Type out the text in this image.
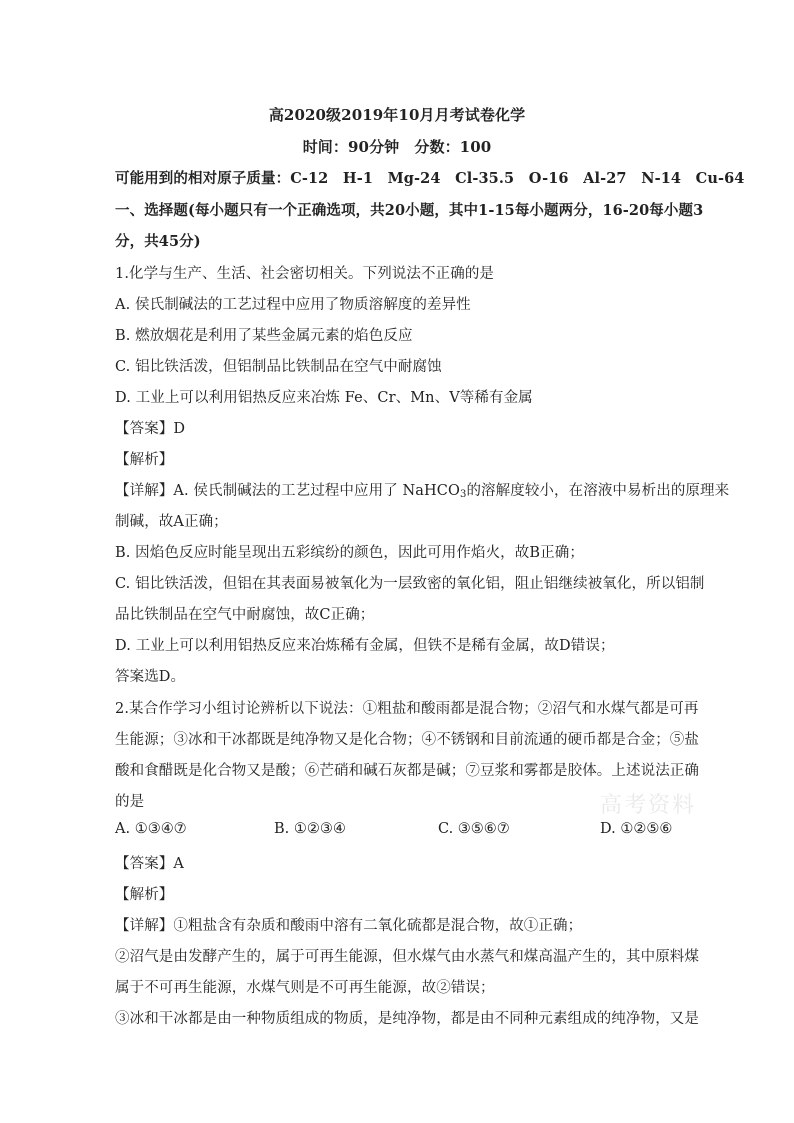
高2020级2019年10月月考试卷化学
时间：90分钟　分数：100
可能用到的相对原子质量：C-12　H-1　Mg-24　Cl-35.5　O-16　Al-27　N-14　Cu-64
一、选择题(每小题只有一个正确选项，共20小题，其中1-15每小题两分，16-20每小题3
分，共45分)
1.化学与生产、生活、社会密切相关。下列说法不正确的是
A. 侯氏制碱法的工艺过程中应用了物质溶解度的差异性
B. 燃放烟花是利用了某些金属元素的焰色反应
C. 铝比铁活泼，但铝制品比铁制品在空气中耐腐蚀
D. 工业上可以利用铝热反应来冶炼 Fe、Cr、Mn、V等稀有金属
【答案】D
【解析】
【详解】A. 侯氏制碱法的工艺过程中应用了 NaHCO$_3$的溶解度较小，在溶液中易析出的原理来
制碱，故A正确；
B. 因焰色反应时能呈现出五彩缤纷的颜色，因此可用作焰火，故B正确；
C. 铝比铁活泼，但铝在其表面易被氧化为一层致密的氧化铝，阻止铝继续被氧化，所以铝制
品比铁制品在空气中耐腐蚀，故C正确；
D. 工业上可以利用铝热反应来冶炼稀有金属，但铁不是稀有金属，故D错误；
答案选D。
2.某合作学习小组讨论辨析以下说法：①粗盐和酸雨都是混合物；②沼气和水煤气都是可再
生能源；③冰和干冰都既是纯净物又是化合物；④不锈钢和目前流通的硬币都是合金；⑤盐
酸和食醋既是化合物又是酸；⑥芒硝和碱石灰都是碱；⑦豆浆和雾都是胶体。上述说法正确
的是
A. ①③④⑦	B. ①②③④	C. ③⑤⑥⑦	D. ①②⑤⑥
【答案】A
【解析】
【详解】①粗盐含有杂质和酸雨中溶有二氧化硫都是混合物，故①正确；
②沼气是由发酵产生的，属于可再生能源，但水煤气由水蒸气和煤高温产生的，其中原料煤
属于不可再生能源，水煤气则是不可再生能源，故②错误；
③冰和干冰都是由一种物质组成的物质，是纯净物，都是由不同种元素组成的纯净物，又是
高考资料
